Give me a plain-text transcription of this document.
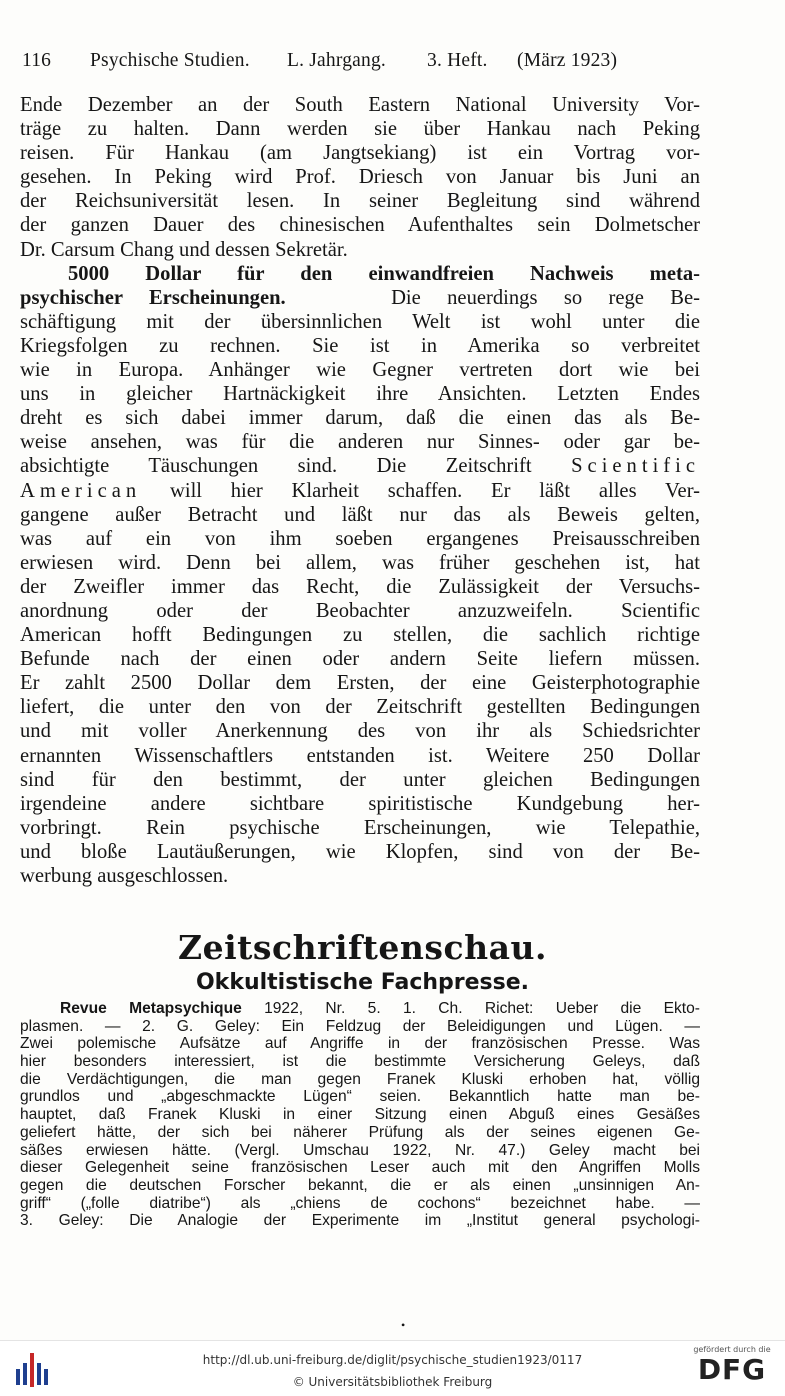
116 Psychische Studien. L. Jahrgang. 3. Heft. (März 1923)
Ende Dezember an der South Eastern National University Vor-
träge zu halten. Dann werden sie über Hankau nach Peking
reisen. Für Hankau (am Jangtsekiang) ist ein Vortrag vor-
gesehen. In Peking wird Prof. Driesch von Januar bis Juni an
der Reichsuniversität lesen. In seiner Begleitung sind während
der ganzen Dauer des chinesischen Aufenthaltes sein Dolmetscher
Dr. Carsum Chang und dessen Sekretär.
5000 Dollar für den einwandfreien Nachweis meta-
psychischer Erscheinungen.	Die neuerdings so rege Be-
schäftigung mit der übersinnlichen Welt ist wohl unter die
Kriegsfolgen zu rechnen. Sie ist in Amerika so verbreitet
wie in Europa. Anhänger wie Gegner vertreten dort wie bei
uns in gleicher Hartnäckigkeit ihre Ansichten. Letzten Endes
dreht es sich dabei immer darum, daß die einen das als Be-
weise ansehen, was für die anderen nur Sinnes- oder gar be-
absichtigte Täuschungen sind. Die Zeitschrift Scientific
American will hier Klarheit schaffen. Er läßt alles Ver-
gangene außer Betracht und läßt nur das als Beweis gelten,
was auf ein von ihm soeben ergangenes Preisausschreiben
erwiesen wird. Denn bei allem, was früher geschehen ist, hat
der Zweifler immer das Recht, die Zulässigkeit der Versuchs-
anordnung oder der Beobachter anzuzweifeln. Scientific
American hofft Bedingungen zu stellen, die sachlich richtige
Befunde nach der einen oder andern Seite liefern müssen.
Er zahlt 2500 Dollar dem Ersten, der eine Geisterphotographie
liefert, die unter den von der Zeitschrift gestellten Bedingungen
und mit voller Anerkennung des von ihr als Schiedsrichter
ernannten Wissenschaftlers entstanden ist. Weitere 250 Dollar
sind für den bestimmt, der unter gleichen Bedingungen
irgendeine andere sichtbare spiritistische Kundgebung her-
vorbringt. Rein psychische Erscheinungen, wie Telepathie,
und bloße Lautäußerungen, wie Klopfen, sind von der Be-
werbung ausgeschlossen.
Zeitschriftenschau.
Okkultistische Fachpresse.
Revue Metapsychique 1922, Nr. 5. 1. Ch. Richet: Ueber die Ekto-
plasmen. — 2. G. Geley: Ein Feldzug der Beleidigungen und Lügen. —
Zwei polemische Aufsätze auf Angriffe in der französischen Presse. Was
hier besonders interessiert, ist die bestimmte Versicherung Geleys, daß
die Verdächtigungen, die man gegen Franek Kluski erhoben hat, völlig
grundlos und „abgeschmackte Lügen“ seien. Bekanntlich hatte man be-
hauptet, daß Franek Kluski in einer Sitzung einen Abguß eines Gesäßes
geliefert hätte, der sich bei näherer Prüfung als der seines eigenen Ge-
säßes erwiesen hätte. (Vergl. Umschau 1922, Nr. 47.) Geley macht bei
dieser Gelegenheit seine französischen Leser auch mit den Angriffen Molls
gegen die deutschen Forscher bekannt, die er als einen „unsinnigen An-
griff“ („folle diatribe“) als „chiens de cochons“ bezeichnet habe. —
3. Geley: Die Analogie der Experimente im „Institut general psychologi-
•
http://dl.ub.uni-freiburg.de/diglit/psychische_studien1923/0117
© Universitätsbibliothek Freiburg
gefördert durch die
DFG
